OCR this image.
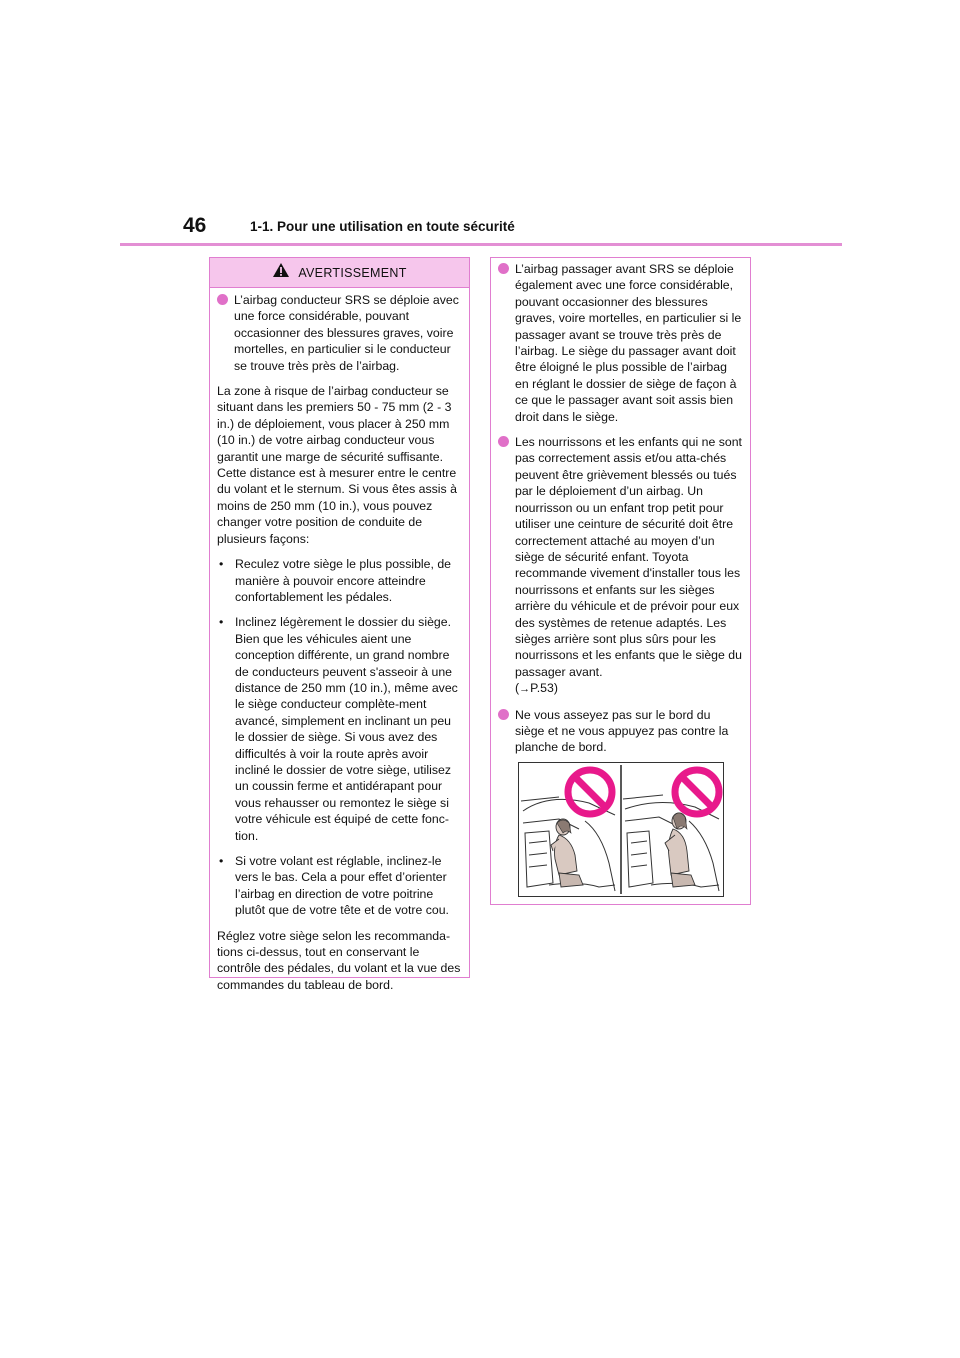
46	1-1. Pour une utilisation en toute sécurité
AVERTISSEMENT
L’airbag conducteur SRS se déploie avec une force considérable, pouvant occasionner des blessures graves, voire mortelles, en particulier si le conducteur se trouve très près de l’airbag.

La zone à risque de l’airbag conducteur se situant dans les premiers 50 - 75 mm (2 - 3 in.) de déploiement, vous placer à 250 mm (10 in.) de votre airbag conducteur vous garantit une marge de sécurité suffisante. Cette distance est à mesurer entre le centre du volant et le sternum. Si vous êtes assis à moins de 250 mm (10 in.), vous pouvez changer votre position de conduite de plusieurs façons:

• Reculez votre siège le plus possible, de manière à pouvoir encore atteindre confortablement les pédales.
• Inclinez légèrement le dossier du siège. Bien que les véhicules aient une conception différente, un grand nombre de conducteurs peuvent s'asseoir à une distance de 250 mm (10 in.), même avec le siège conducteur complète-ment avancé, simplement en inclinant un peu le dossier de siège. Si vous avez des difficultés à voir la route après avoir incliné le dossier de votre siège, utilisez un coussin ferme et antidérapant pour vous rehausser ou remontez le siège si votre véhicule est équipé de cette fonc-tion.
• Si votre volant est réglable, inclinez-le vers le bas. Cela a pour effet d’orienter l’airbag en direction de votre poitrine plutôt que de votre tête et de votre cou.

Réglez votre siège selon les recommanda-tions ci-dessus, tout en conservant le contrôle des pédales, du volant et la vue des commandes du tableau de bord.

L’airbag passager avant SRS se déploie également avec une force considérable, pouvant occasionner des blessures graves, voire mortelles, en particulier si le passager avant se trouve très près de l’airbag. Le siège du passager avant doit être éloigné le plus possible de l’airbag en réglant le dossier de siège de façon à ce que le passager avant soit assis bien droit dans le siège.
Les nourrissons et les enfants qui ne sont pas correctement assis et/ou atta-chés peuvent être grièvement blessés ou tués par le déploiement d’un airbag. Un nourrisson ou un enfant trop petit pour utiliser une ceinture de sécurité doit être correctement attaché au moyen d’un siège de sécurité enfant. Toyota recommande vivement d'installer tous les nourrissons et enfants sur les sièges arrière du véhicule et de prévoir pour eux des systèmes de retenue adaptés. Les sièges arrière sont plus sûrs pour les nourrissons et les enfants que le siège du passager avant.
(→P.53)
Ne vous asseyez pas sur le bord du siège et ne vous appuyez pas contre la planche de bord.
